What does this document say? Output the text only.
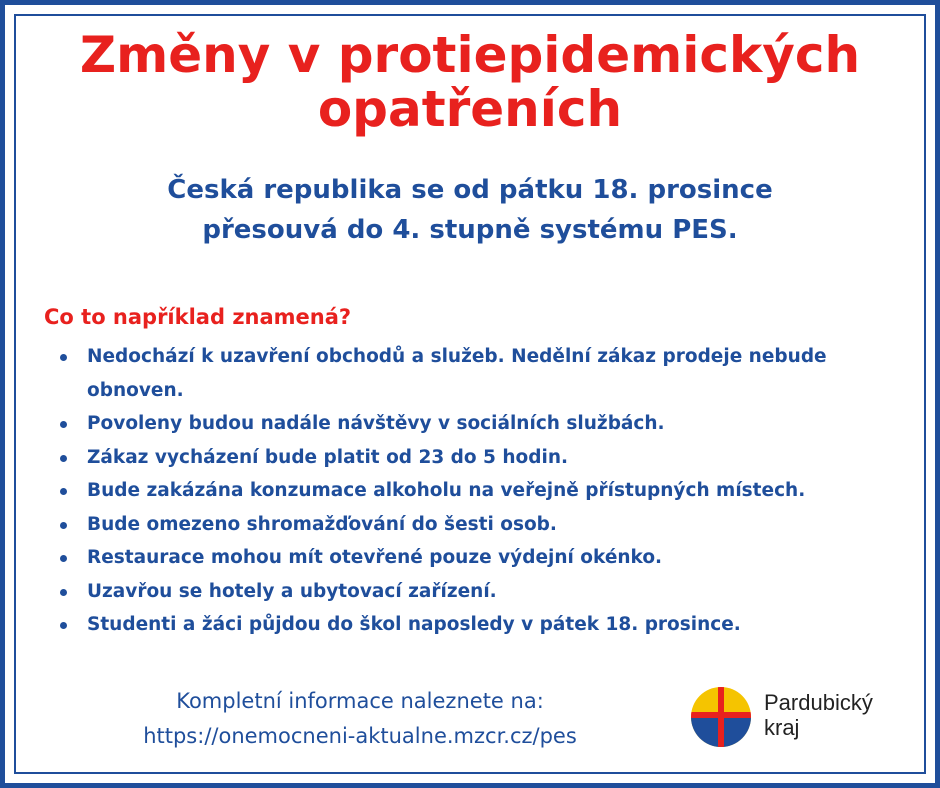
Změny v protiepidemických
opatřeních
Česká republika se od pátku 18. prosince
přesouvá do 4. stupně systému PES.
Co to například znamená?
Nedochází k uzavření obchodů a služeb. Nedělní zákaz prodeje nebude obnoven.
Povoleny budou nadále návštěvy v sociálních službách.
Zákaz vycházení bude platit od 23 do 5 hodin.
Bude zakázána konzumace alkoholu na veřejně přístupných místech.
Bude omezeno shromažďování do šesti osob.
Restaurace mohou mít otevřené pouze výdejní okénko.
Uzavřou se hotely a ubytovací zařízení.
Studenti a žáci půjdou do škol naposledy v pátek 18. prosince.
Kompletní informace naleznete na:
https://onemocneni-aktualne.mzcr.cz/pes
Pardubický
kraj
